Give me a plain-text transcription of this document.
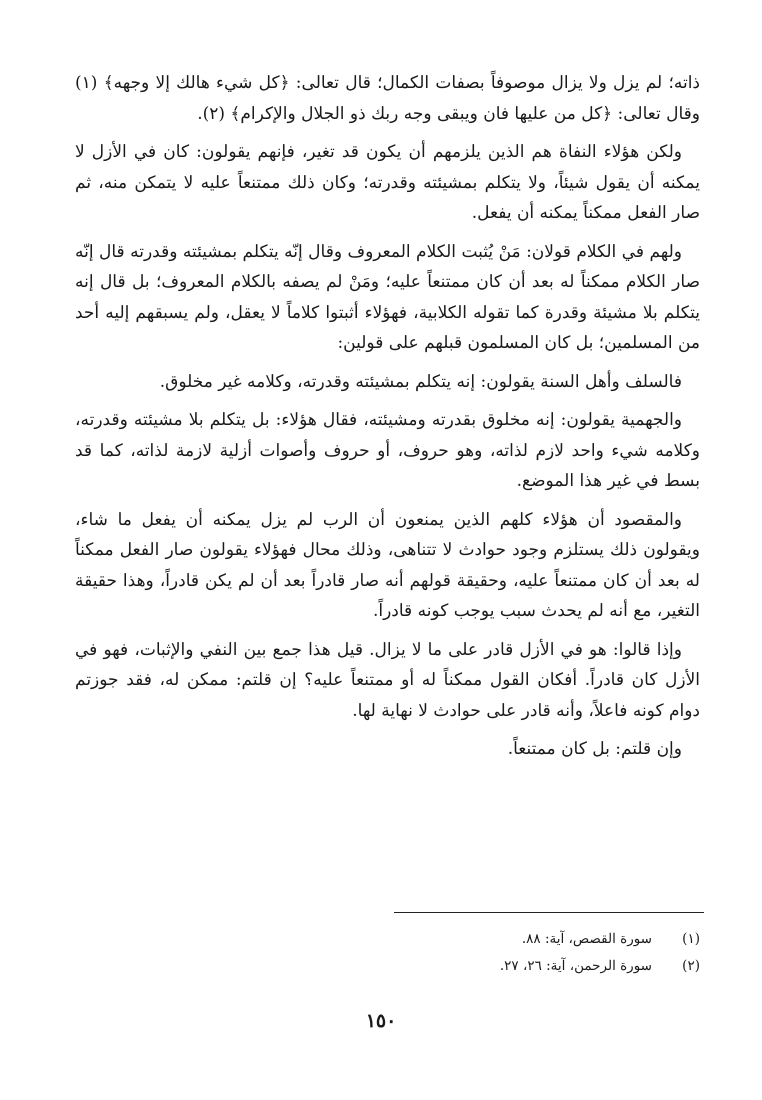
ذاته؛ لم يزل ولا يزال موصوفاً بصفات الكمال؛ قال تعالى: ﴿كل شيء هالك إلا وجهه﴾ (١) وقال تعالى: ﴿كل من عليها فان ويبقى وجه ربك ذو الجلال والإكرام﴾ (٢).

ولكن هؤلاء النفاة هم الذين يلزمهم أن يكون قد تغير، فإنهم يقولون: كان في الأزل لا يمكنه أن يقول شيئاً، ولا يتكلم بمشيئته وقدرته؛ وكان ذلك ممتنعاً عليه لا يتمكن منه، ثم صار الفعل ممكناً يمكنه أن يفعل.

ولهم في الكلام قولان: مَنْ يُثبت الكلام المعروف وقال إنّه يتكلم بمشيئته وقدرته قال إنّه صار الكلام ممكناً له بعد أن كان ممتنعاً عليه؛ ومَنْ لم يصفه بالكلام المعروف؛ بل قال إنه يتكلم بلا مشيئة وقدرة كما تقوله الكلابية، فهؤلاء أثبتوا كلاماً لا يعقل، ولم يسبقهم إليه أحد من المسلمين؛ بل كان المسلمون قبلهم على قولين:

فالسلف وأهل السنة يقولون: إنه يتكلم بمشيئته وقدرته، وكلامه غير مخلوق.

والجهمية يقولون: إنه مخلوق بقدرته ومشيئته، فقال هؤلاء: بل يتكلم بلا مشيئته وقدرته، وكلامه شيء واحد لازم لذاته، وهو حروف، أو حروف وأصوات أزلية لازمة لذاته، كما قد بسط في غير هذا الموضع.

والمقصود أن هؤلاء كلهم الذين يمنعون أن الرب لم يزل يمكنه أن يفعل ما شاء، ويقولون ذلك يستلزم وجود حوادث لا تتناهى، وذلك محال فهؤلاء يقولون صار الفعل ممكناً له بعد أن كان ممتنعاً عليه، وحقيقة قولهم أنه صار قادراً بعد أن لم يكن قادراً، وهذا حقيقة التغير، مع أنه لم يحدث سبب يوجب كونه قادراً.

وإذا قالوا: هو في الأزل قادر على ما لا يزال. قيل هذا جمع بين النفي والإثبات، فهو في الأزل كان قادراً. أفكان القول ممكناً له أو ممتنعاً عليه؟ إن قلتم: ممكن له، فقد جوزتم دوام كونه فاعلاً، وأنه قادر على حوادث لا نهاية لها.

وإن قلتم: بل كان ممتنعاً.

(١)
سورة القصص، آية: ٨٨.
(٢)
سورة الرحمن، آية: ٢٦، ٢٧.
١٥٠
